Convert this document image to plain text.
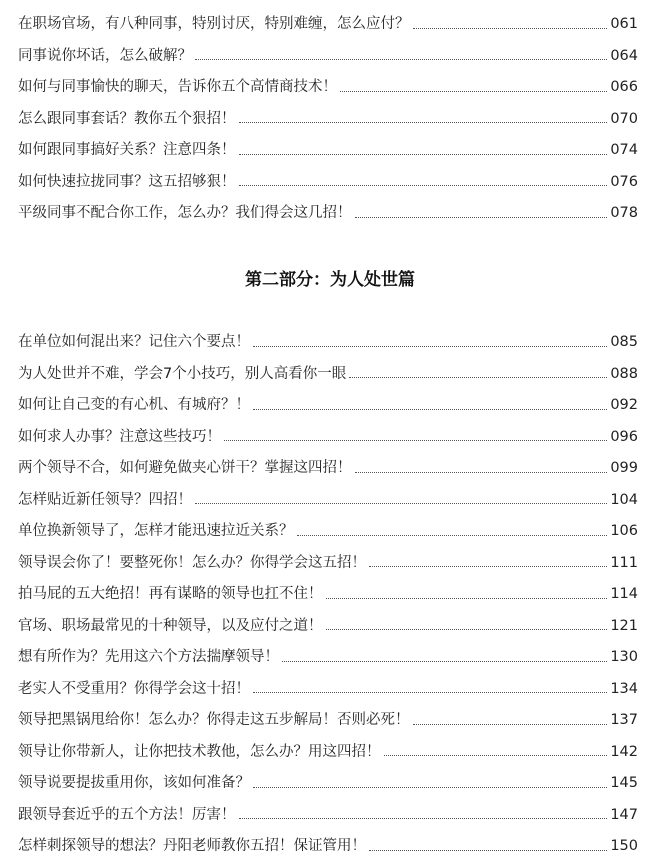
在职场官场，有八种同事，特别讨厌，特别难缠，怎么应付？	061
同事说你坏话，怎么破解？	064
如何与同事愉快的聊天，告诉你五个高情商技术！	066
怎么跟同事套话？教你五个狠招！	070
如何跟同事搞好关系？注意四条！	074
如何快速拉拢同事？这五招够狠！	076
平级同事不配合你工作，怎么办？我们得会这几招！	078
第二部分：为人处世篇
在单位如何混出来？记住六个要点！	085
为人处世并不难，学会7个小技巧，别人高看你一眼	088
如何让自己变的有心机、有城府？！	092
如何求人办事？注意这些技巧！	096
两个领导不合，如何避免做夹心饼干？掌握这四招！	099
怎样贴近新任领导？四招！	104
单位换新领导了，怎样才能迅速拉近关系？	106
领导误会你了！要整死你！怎么办？你得学会这五招！	111
拍马屁的五大绝招！再有谋略的领导也扛不住！	114
官场、职场最常见的十种领导，以及应付之道！	121
想有所作为？先用这六个方法揣摩领导！	130
老实人不受重用？你得学会这十招！	134
领导把黑锅甩给你！怎么办？你得走这五步解局！否则必死！	137
领导让你带新人，让你把技术教他，怎么办？用这四招！	142
领导说要提拔重用你，该如何准备？	145
跟领导套近乎的五个方法！厉害！	147
怎样刺探领导的想法？丹阳老师教你五招！保证管用！	150
